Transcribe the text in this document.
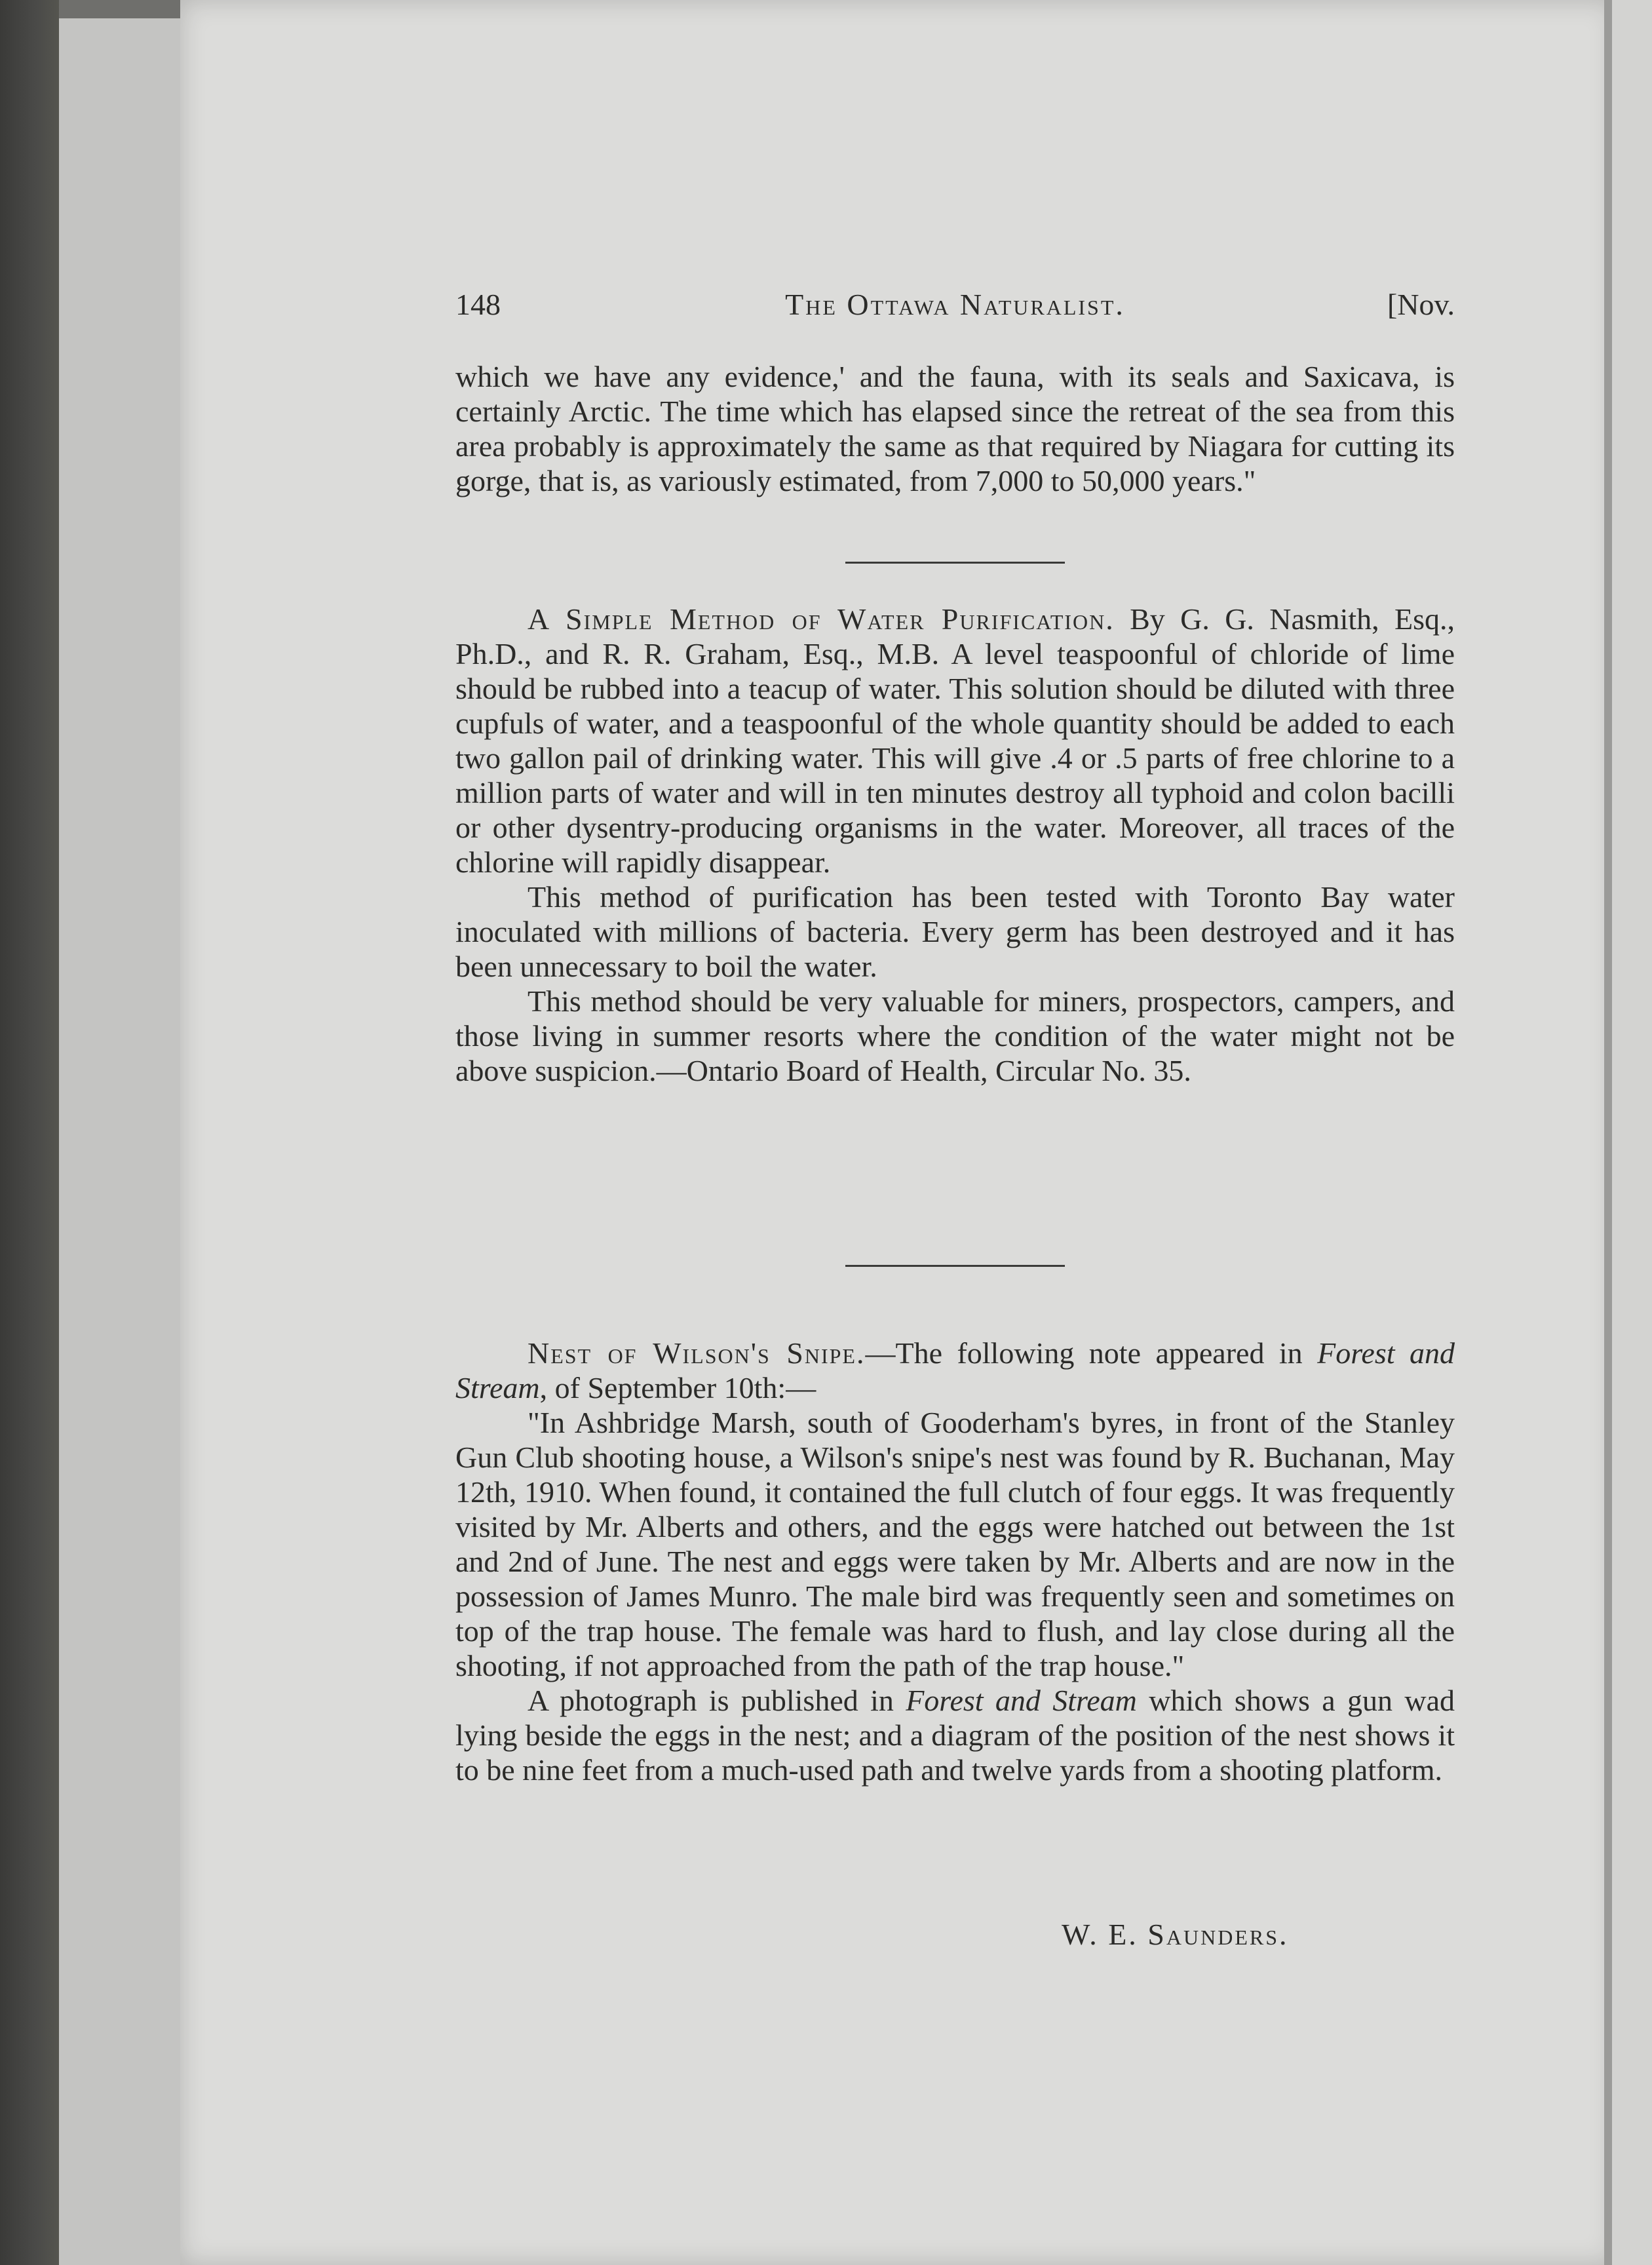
148	The Ottawa Naturalist.	[Nov.

which we have any evidence,' and the fauna, with its seals and Saxicava, is certainly Arctic. The time which has elapsed since the retreat of the sea from this area probably is approximately the same as that required by Niagara for cutting its gorge, that is, as variously estimated, from 7,000 to 50,000 years."

A Simple Method of Water Purification. By G. G. Nasmith, Esq., Ph.D., and R. R. Graham, Esq., M.B. A level teaspoonful of chloride of lime should be rubbed into a teacup of water. This solution should be diluted with three cupfuls of water, and a teaspoonful of the whole quantity should be added to each two gallon pail of drinking water. This will give .4 or .5 parts of free chlorine to a million parts of water and will in ten minutes destroy all typhoid and colon bacilli or other dysentry-producing organisms in the water. Moreover, all traces of the chlorine will rapidly disappear.

This method of purification has been tested with Toronto Bay water inoculated with millions of bacteria. Every germ has been destroyed and it has been unnecessary to boil the water.

This method should be very valuable for miners, prospectors, campers, and those living in summer resorts where the condition of the water might not be above suspicion.—Ontario Board of Health, Circular No. 35.

Nest of Wilson's Snipe.—The following note appeared in Forest and Stream, of September 10th:—

"In Ashbridge Marsh, south of Gooderham's byres, in front of the Stanley Gun Club shooting house, a Wilson's snipe's nest was found by R. Buchanan, May 12th, 1910. When found, it contained the full clutch of four eggs. It was frequently visited by Mr. Alberts and others, and the eggs were hatched out between the 1st and 2nd of June. The nest and eggs were taken by Mr. Alberts and are now in the possession of James Munro. The male bird was frequently seen and sometimes on top of the trap house. The female was hard to flush, and lay close during all the shooting, if not approached from the path of the trap house."

A photograph is published in Forest and Stream which shows a gun wad lying beside the eggs in the nest; and a diagram of the position of the nest shows it to be nine feet from a much-used path and twelve yards from a shooting platform.

W. E. Saunders.
